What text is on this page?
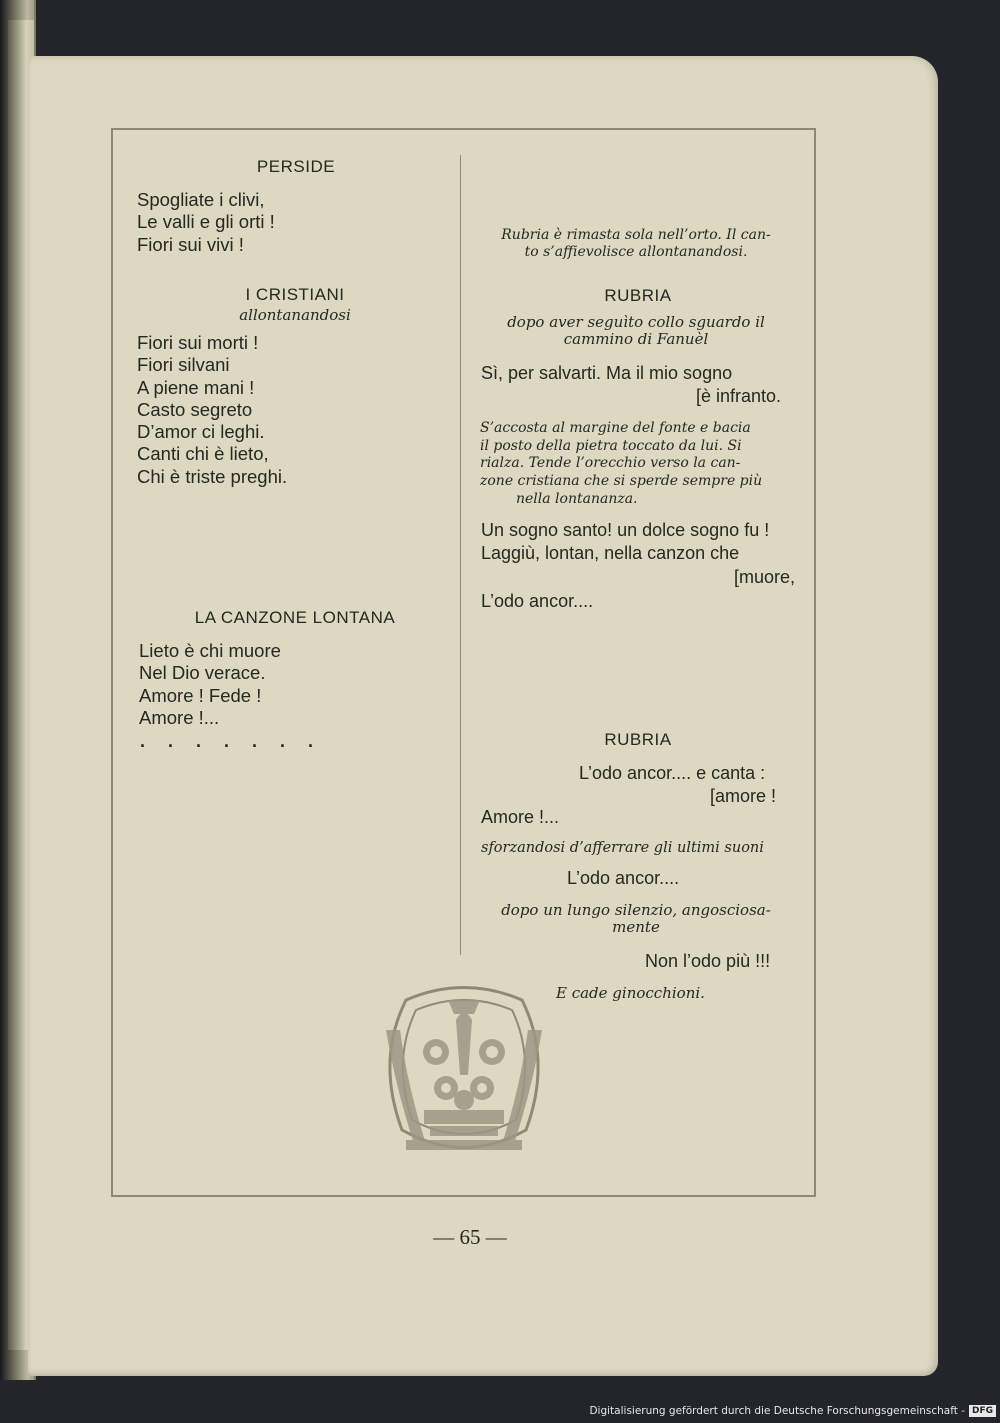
PERSIDE
Spogliate i clivi,
Le valli e gli orti !
Fiori sui vivi !
I CRISTIANI
allontanandosi
Fiori sui morti !
Fiori silvani
A piene mani !
Casto segreto
D’amor ci leghi.
Canti chi è lieto,
Chi è triste preghi.
LA CANZONE LONTANA
Lieto è chi muore
Nel Dio verace.
Amore ! Fede !
Amore !...
. . . . . . .
Rubria è rimasta sola nell’orto. Il can-
to s’affievolisce allontanandosi.
RUBRIA
dopo aver seguìto collo sguardo il
cammino di Fanuèl
Sì, per salvarti. Ma il mio sogno
[è infranto.
S’accosta al margine del fonte e bacia
il posto della pietra toccato da lui. Si
rialza. Tende l’orecchio verso la can-
zone cristiana che si sperde sempre più
nella lontananza.
Un sogno santo! un dolce sogno fu !
Laggiù, lontan, nella canzon che
[muore,
L’odo ancor....
RUBRIA
L’odo ancor.... e canta :
[amore !
Amore !...
sforzandosi d’afferrare gli ultimi suoni
L’odo ancor....
dopo un lungo silenzio, angosciosa-
mente
Non l’odo più !!!
E cade ginocchioni.
— 65 —
Digitalisierung gefördert durch die Deutsche Forschungsgemeinschaft - DFG
